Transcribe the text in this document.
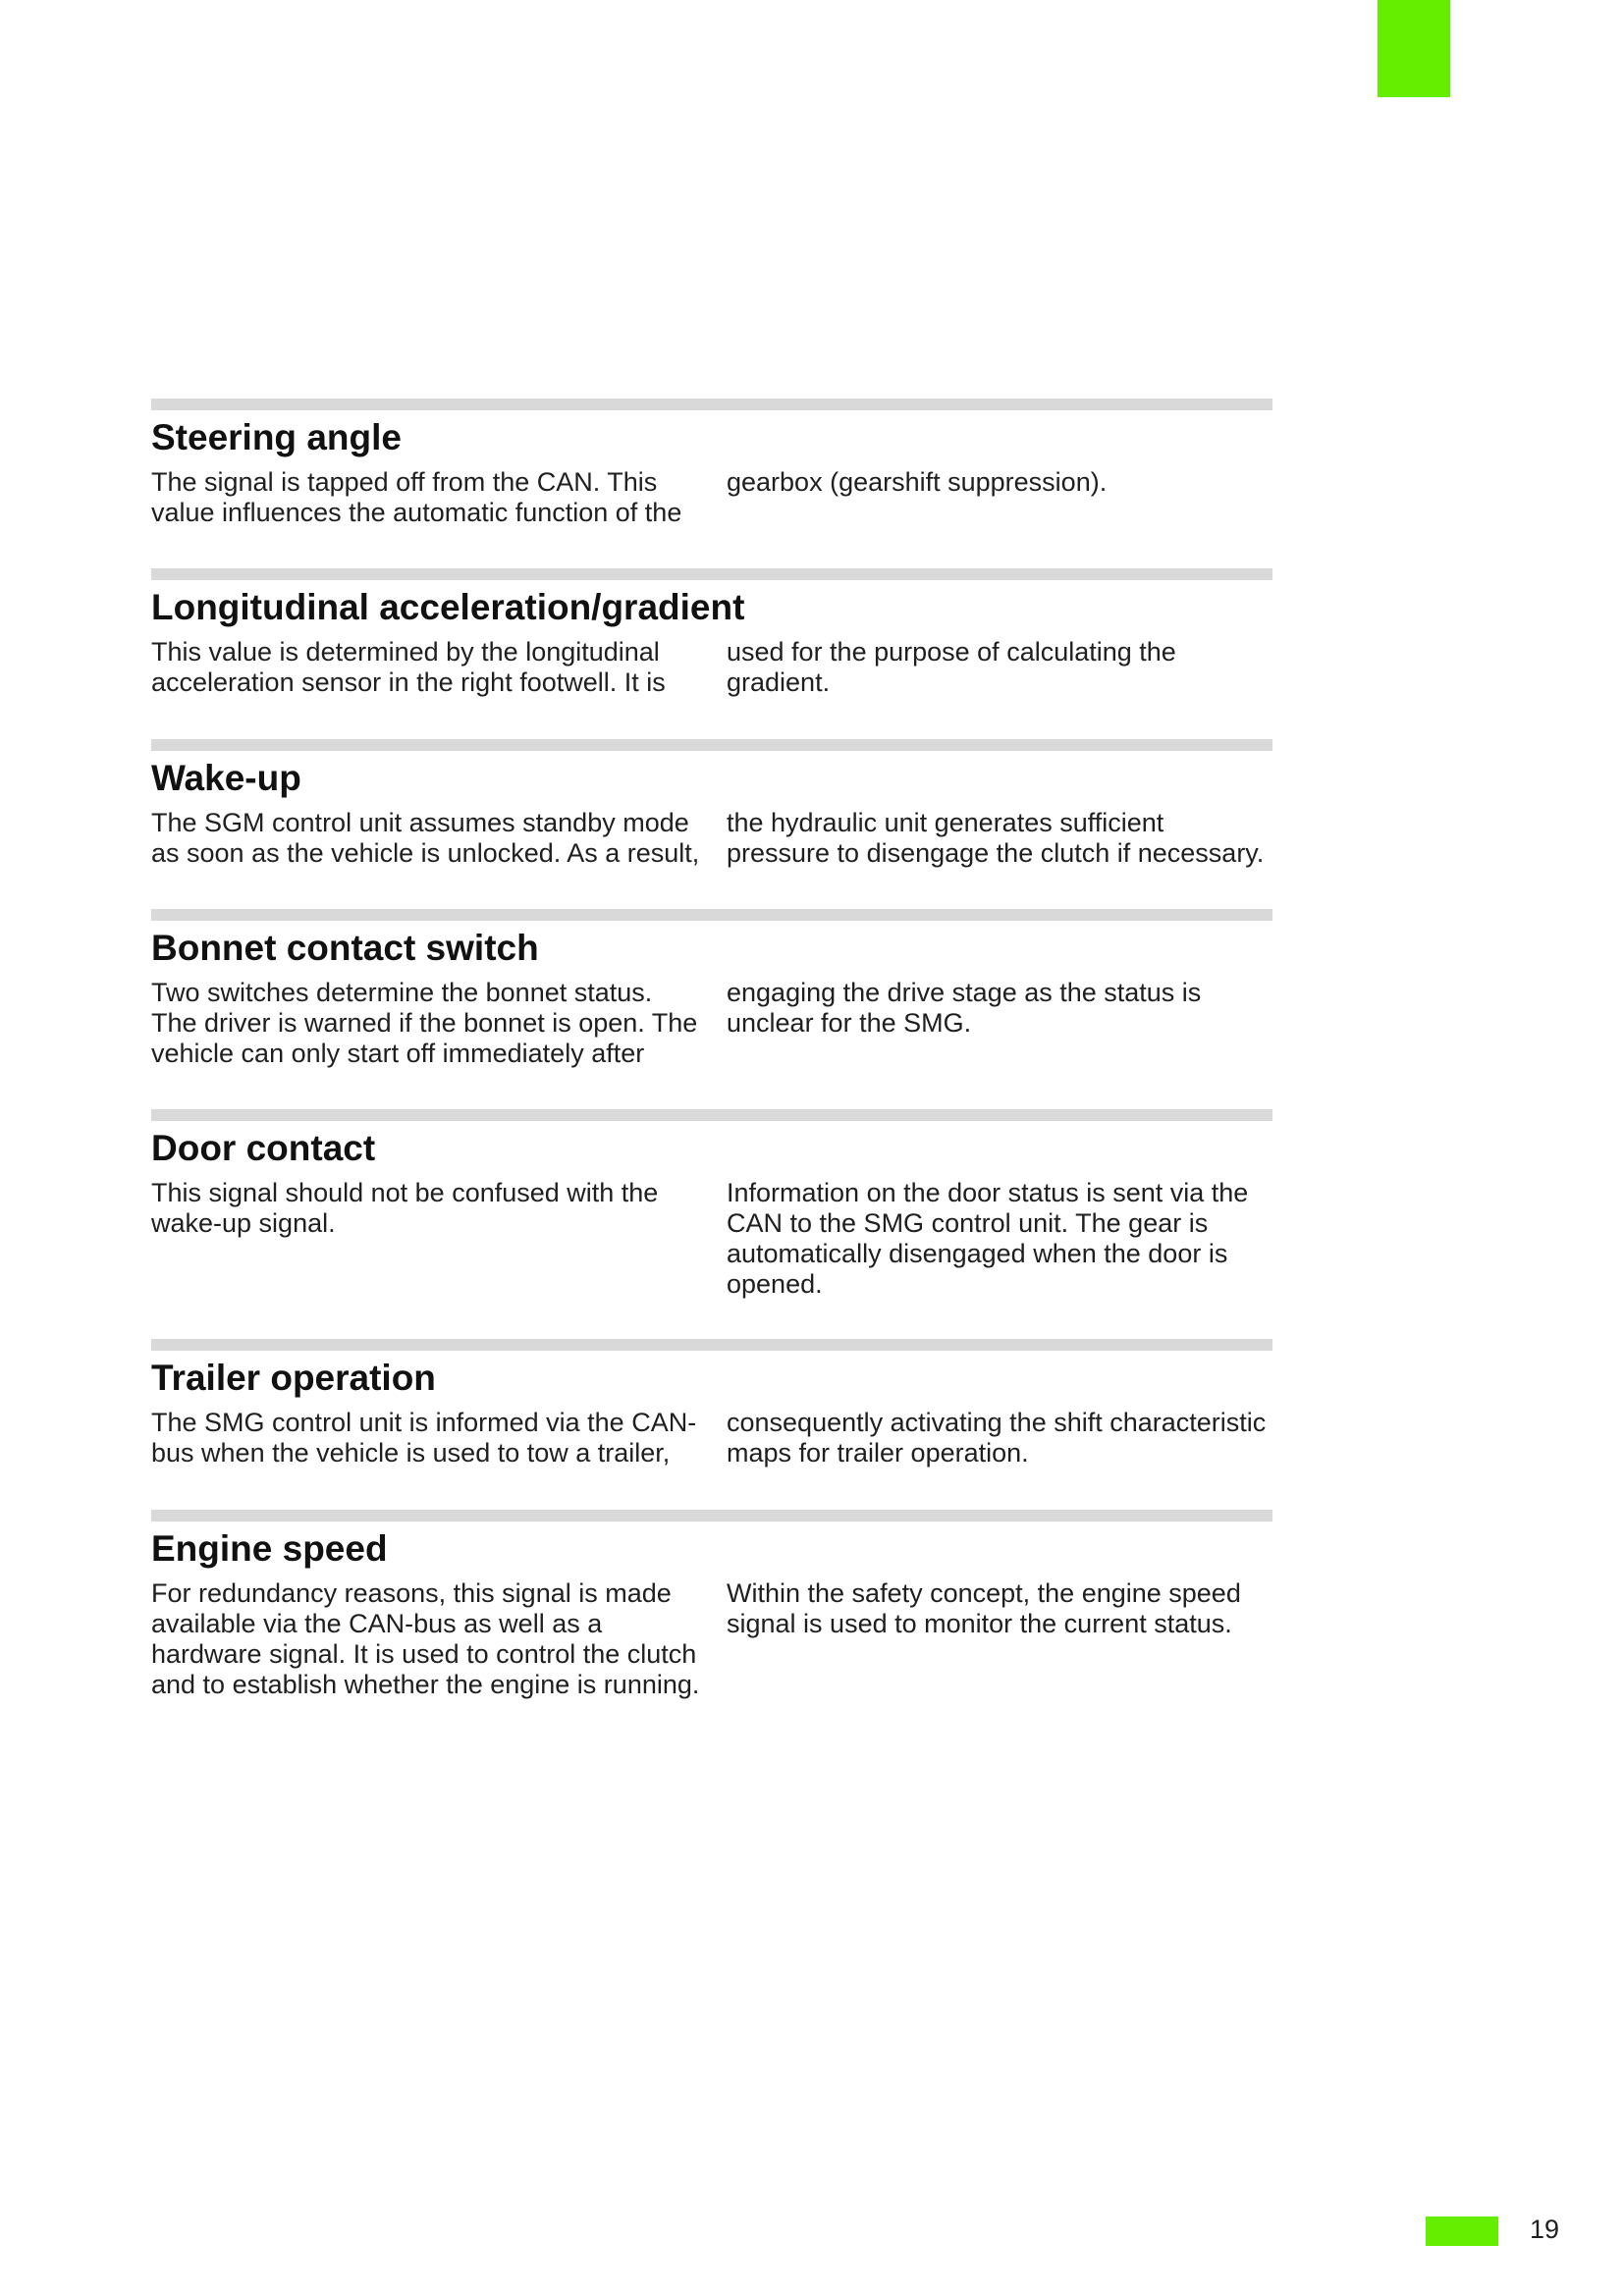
Steering angle
The signal is tapped off from the CAN. This
value influences the automatic function of the
gearbox (gearshift suppression).
Longitudinal acceleration/gradient
This value is determined by the longitudinal
acceleration sensor in the right footwell. It is
used for the purpose of calculating the
gradient.
Wake-up
The SGM control unit assumes standby mode
as soon as the vehicle is unlocked. As a result,
the hydraulic unit generates sufficient
pressure to disengage the clutch if necessary.
Bonnet contact switch
Two switches determine the bonnet status.
The driver is warned if the bonnet is open. The
vehicle can only start off immediately after
engaging the drive stage as the status is
unclear for the SMG.
Door contact
This signal should not be confused with the
wake-up signal.
Information on the door status is sent via the
CAN to the SMG control unit. The gear is
automatically disengaged when the door is
opened.
Trailer operation
The SMG control unit is informed via the CAN-
bus when the vehicle is used to tow a trailer,
consequently activating the shift characteristic
maps for trailer operation.
Engine speed
For redundancy reasons, this signal is made
available via the CAN-bus as well as a
hardware signal. It is used to control the clutch
and to establish whether the engine is running.
Within the safety concept, the engine speed
signal is used to monitor the current status.
19
